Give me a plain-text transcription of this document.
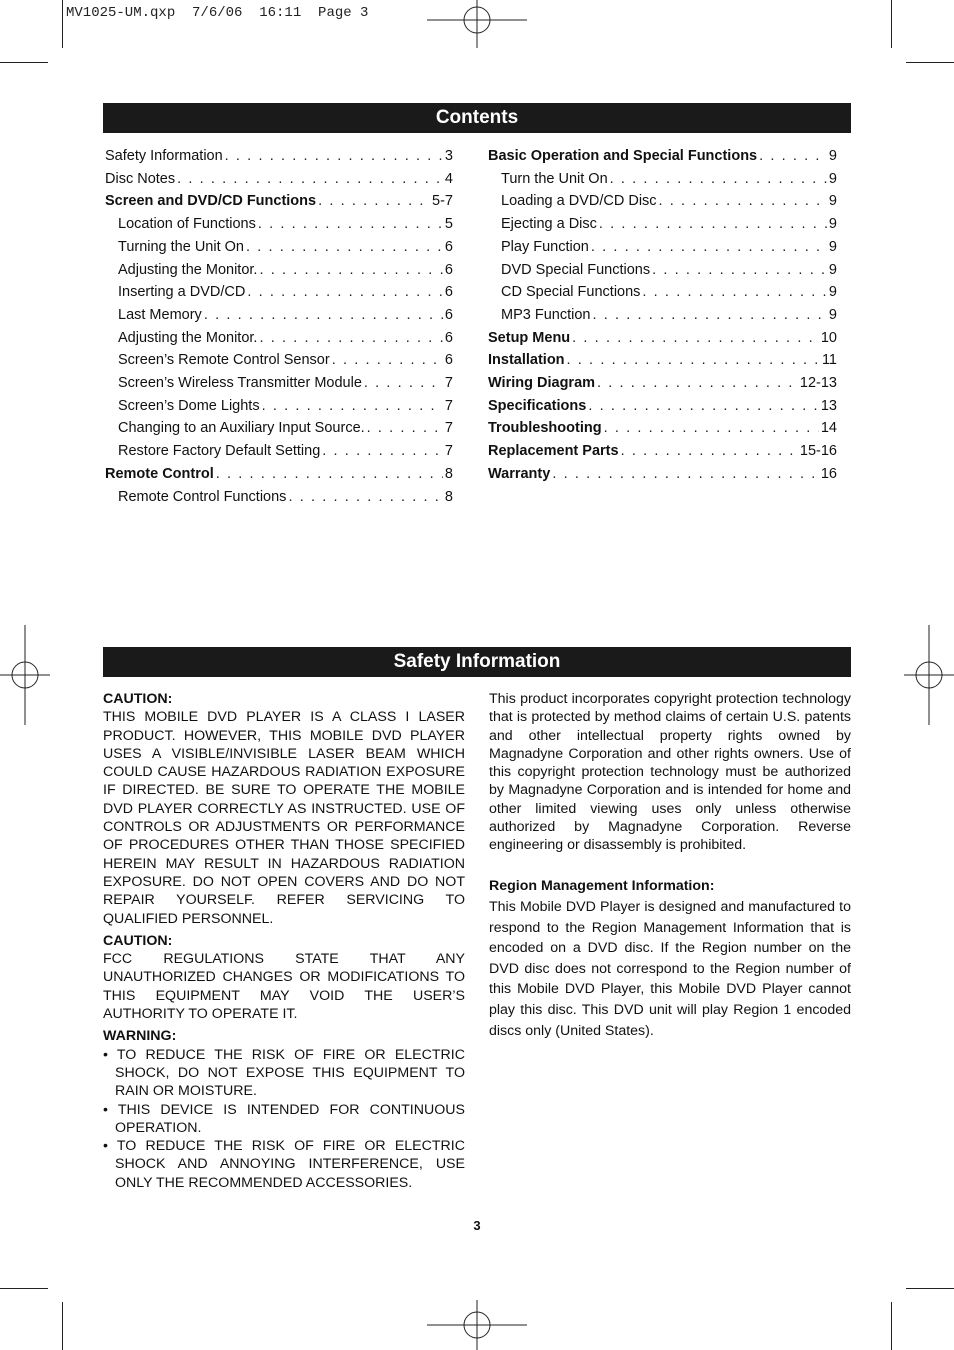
MV1025-UM.qxp  7/6/06  16:11  Page 3
Contents
Safety Information . . .	3
Disc Notes . . .	4
Screen and DVD/CD Functions . . .	5-7
Location of Functions . . .	5
Turning the Unit On . . .	6
Adjusting the Monitor. . . .	6
Inserting a DVD/CD . . .	6
Last Memory . . .	6
Adjusting the Monitor. . . .	6
Screen’s Remote Control Sensor . . .	6
Screen’s Wireless Transmitter Module . . .	7
Screen’s Dome Lights . . .	7
Changing to an Auxiliary Input Source. . . .	7
Restore Factory Default Setting . . .	7
Remote Control . . .	8
Remote Control Functions . . .	8
Basic Operation and Special Functions . . .	9
Turn the Unit On . . .	9
Loading a DVD/CD Disc . . .	9
Ejecting a Disc . . .	9
Play Function . . .	9
DVD Special Functions . . .	9
CD Special Functions . . .	9
MP3 Function . . .	9
Setup Menu . . .	10
Installation . . .	11
Wiring Diagram . . .	12-13
Specifications . . .	13
Troubleshooting . . .	14
Replacement Parts . . .	15-16
Warranty . . .	16
Safety Information
CAUTION:

THIS MOBILE DVD PLAYER IS A CLASS I LASER PRODUCT. HOWEVER, THIS MOBILE DVD PLAYER USES A VISIBLE/INVISIBLE LASER BEAM WHICH COULD CAUSE HAZARDOUS RADIATION EXPOSURE IF DIRECTED. BE SURE TO OPERATE THE MOBILE DVD PLAYER CORRECTLY AS INSTRUCTED. USE OF CONTROLS OR ADJUSTMENTS OR PERFORMANCE OF PROCEDURES OTHER THAN THOSE SPECIFIED HEREIN MAY RESULT IN HAZARDOUS RADIATION EXPOSURE. DO NOT OPEN COVERS AND DO NOT REPAIR YOURSELF. REFER SERVICING TO QUALIFIED PERSONNEL.

CAUTION:

FCC REGULATIONS STATE THAT ANY UNAUTHORIZED CHANGES OR MODIFICATIONS TO THIS EQUIPMENT MAY VOID THE USER’S AUTHORITY TO OPERATE IT.

WARNING:

• TO REDUCE THE RISK OF FIRE OR ELECTRIC SHOCK, DO NOT EXPOSE THIS EQUIPMENT TO RAIN OR MOISTURE.

• THIS DEVICE IS INTENDED FOR CONTINUOUS OPERATION.

• TO REDUCE THE RISK OF FIRE OR ELECTRIC SHOCK AND ANNOYING INTERFERENCE, USE ONLY THE RECOMMENDED ACCESSORIES.

This product incorporates copyright protection technology that is protected by method claims of certain U.S. patents and other intellectual property rights owned by Magnadyne Corporation and other rights owners. Use of this copyright protection technology must be authorized by Magnadyne Corporation and is intended for home and other limited viewing uses only unless otherwise authorized by Magnadyne Corporation. Reverse engineering or disassembly is prohibited.

Region Management Information:

This Mobile DVD Player is designed and manufactured to respond to the Region Management Information that is encoded on a DVD disc. If the Region number on the DVD disc does not correspond to the Region number of this Mobile DVD Player, this Mobile DVD Player cannot play this disc. This DVD unit will play Region 1 encoded discs only (United States).

3
